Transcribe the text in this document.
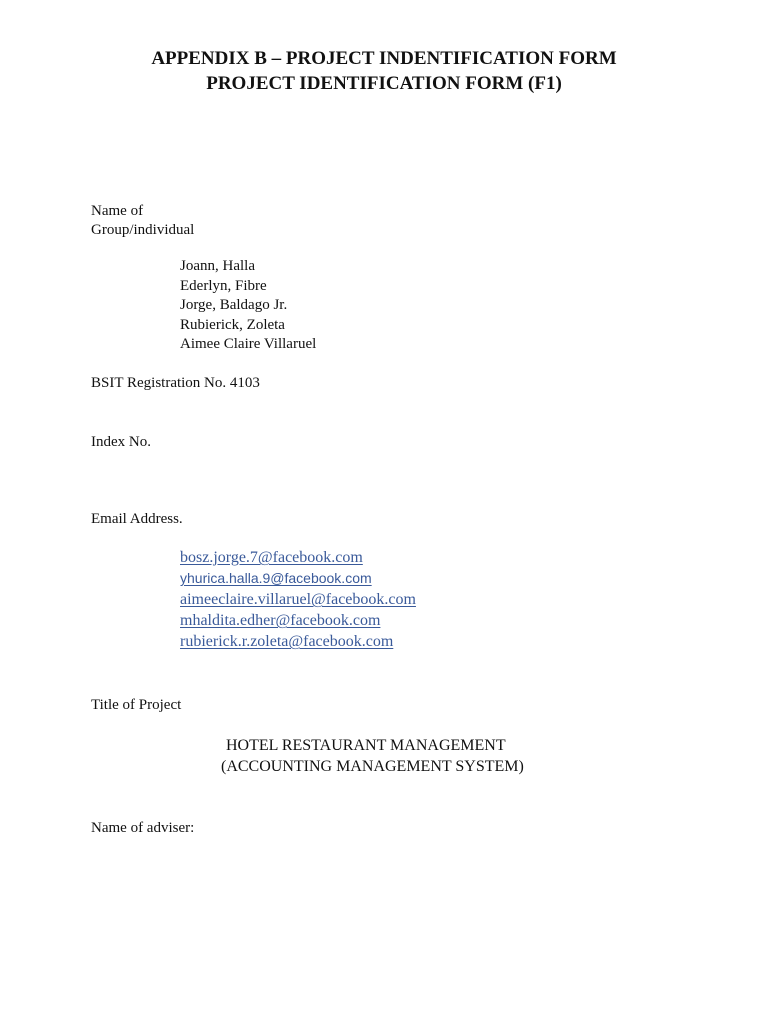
APPENDIX B – PROJECT INDENTIFICATION FORM
PROJECT IDENTIFICATION FORM (F1)
Name of
Group/individual
Joann, Halla
Ederlyn, Fibre
Jorge, Baldago Jr.
Rubierick, Zoleta
Aimee Claire Villaruel
BSIT Registration No. 4103
Index No.
Email Address.
bosz.jorge.7@facebook.com
yhurica.halla.9@facebook.com
aimeeclaire.villaruel@facebook.com
mhaldita.edher@facebook.com
rubierick.r.zoleta@facebook.com
Title of Project
HOTEL RESTAURANT MANAGEMENT
(ACCOUNTING MANAGEMENT SYSTEM)
Name of adviser:
